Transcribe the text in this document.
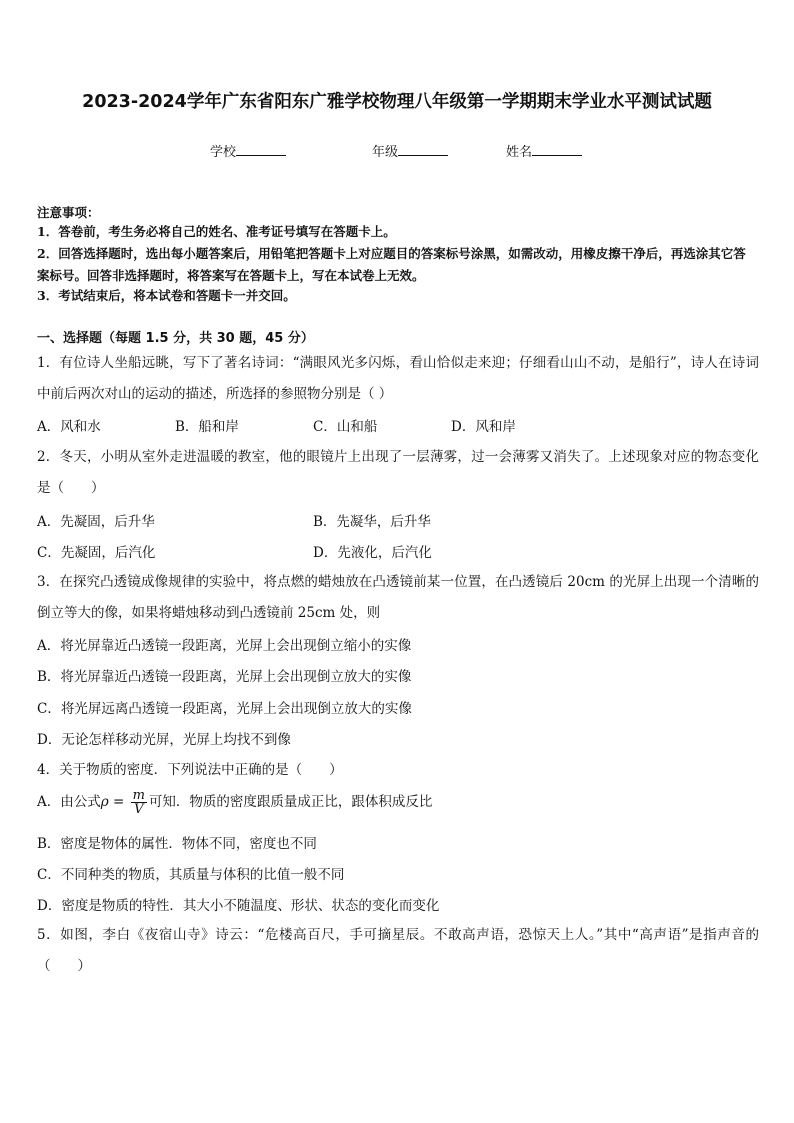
2023-2024学年广东省阳东广雅学校物理八年级第一学期期末学业水平测试试题
学校	年级	姓名
注意事项：
1．答卷前，考生务必将自己的姓名、准考证号填写在答题卡上。
2．回答选择题时，选出每小题答案后，用铅笔把答题卡上对应题目的答案标号涂黑，如需改动，用橡皮擦干净后，再选涂其它答案标号。回答非选择题时，将答案写在答题卡上，写在本试卷上无效。
3．考试结束后，将本试卷和答题卡一并交回。
一、选择题（每题 1.5 分，共 30 题，45 分）
1．有位诗人坐船远眺，写下了著名诗词：“满眼风光多闪烁，看山恰似走来迎；仔细看山山不动，是船行”，诗人在诗词中前后两次对山的运动的描述，所选择的参照物分别是（ ）
A．风和水	B．船和岸	C．山和船	D．风和岸
2．冬天，小明从室外走进温暖的教室，他的眼镜片上出现了一层薄雾，过一会薄雾又消失了。上述现象对应的物态变化是（　　）
A．先凝固，后升华	B．先凝华，后升华
C．先凝固，后汽化	D．先液化，后汽化
3．在探究凸透镜成像规律的实验中，将点燃的蜡烛放在凸透镜前某一位置，在凸透镜后 20cm 的光屏上出现一个清晰的倒立等大的像，如果将蜡烛移动到凸透镜前 25cm 处，则
A．将光屏靠近凸透镜一段距离，光屏上会出现倒立缩小的实像
B．将光屏靠近凸透镜一段距离，光屏上会出现倒立放大的实像
C．将光屏远离凸透镜一段距离，光屏上会出现倒立放大的实像
D．无论怎样移动光屏，光屏上均找不到像
4．关于物质的密度．下列说法中正确的是（　　）
A．由公式$\rho = \frac{m}{V}$ 可知．物质的密度跟质量成正比，跟体积成反比
B．密度是物体的属性．物体不同，密度也不同
C．不同种类的物质，其质量与体积的比值一般不同
D．密度是物质的特性．其大小不随温度、形状、状态的变化而变化
5．如图，李白《夜宿山寺》诗云：“危楼高百尺，手可摘星辰。不敢高声语，恐惊天上人。”其中“高声语”是指声音的（　　）
